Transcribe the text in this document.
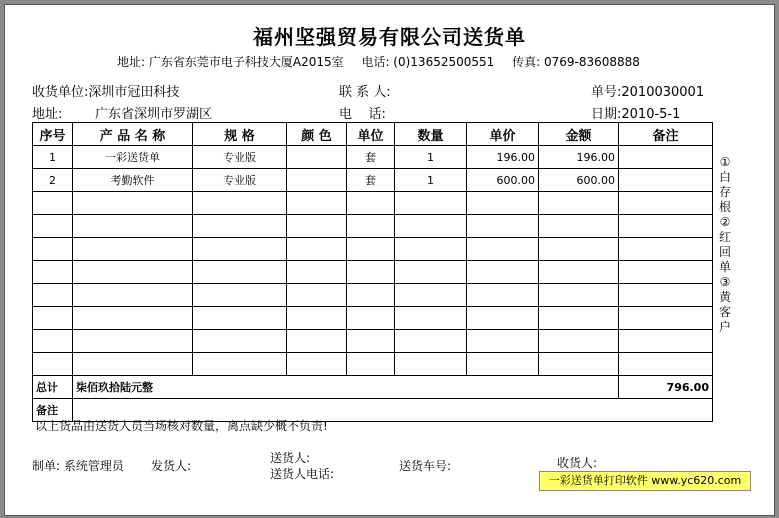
福州坚强贸易有限公司送货单
地址: 广东省东莞市电子科技大厦A2015室 电话: (0)13652500551 传真: 0769-83608888
收货单位:深圳市冠田科技	联 系 人:	单号:2010030001
地址:	广东省深圳市罗湖区	电    话:	日期:2010-5-1
序号	产 品 名 称	规 格	颜 色	单位	数量	单价	金额	备注
1	一彩送货单	专业版		套	1	196.00	196.00	
2	考勤软件	专业版		套	1	600.00	600.00	

总计	柒佰玖拾陆元整							796.00
备注								
①
白
存
根
②
红
回
单
③
黄
客
户
以上货品由送货人员当场核对数量，离点缺少概不负责!
制单: 系统管理员 发货人:
送货人:
送货人电话:
送货车号:	收货人:
一彩送货单打印软件 www.yc620.com
